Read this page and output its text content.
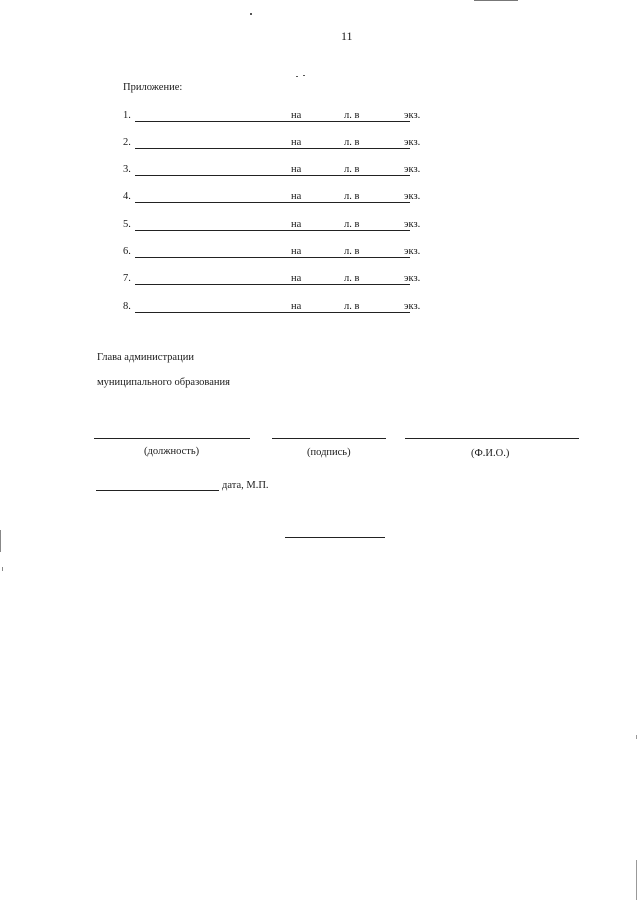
11
Приложение:
1.	на	л. в	экз.
2.	на	л. в	экз.
3.	на	л. в	экз.
4.	на	л. в	экз.
5.	на	л. в	экз.
6.	на	л. в	экз.
7.	на	л. в	экз.
8.	на	л. в	экз.
Глава администрации
муниципального образования
(должность)	(подпись)	(Ф.И.О.)
дата, М.П.
